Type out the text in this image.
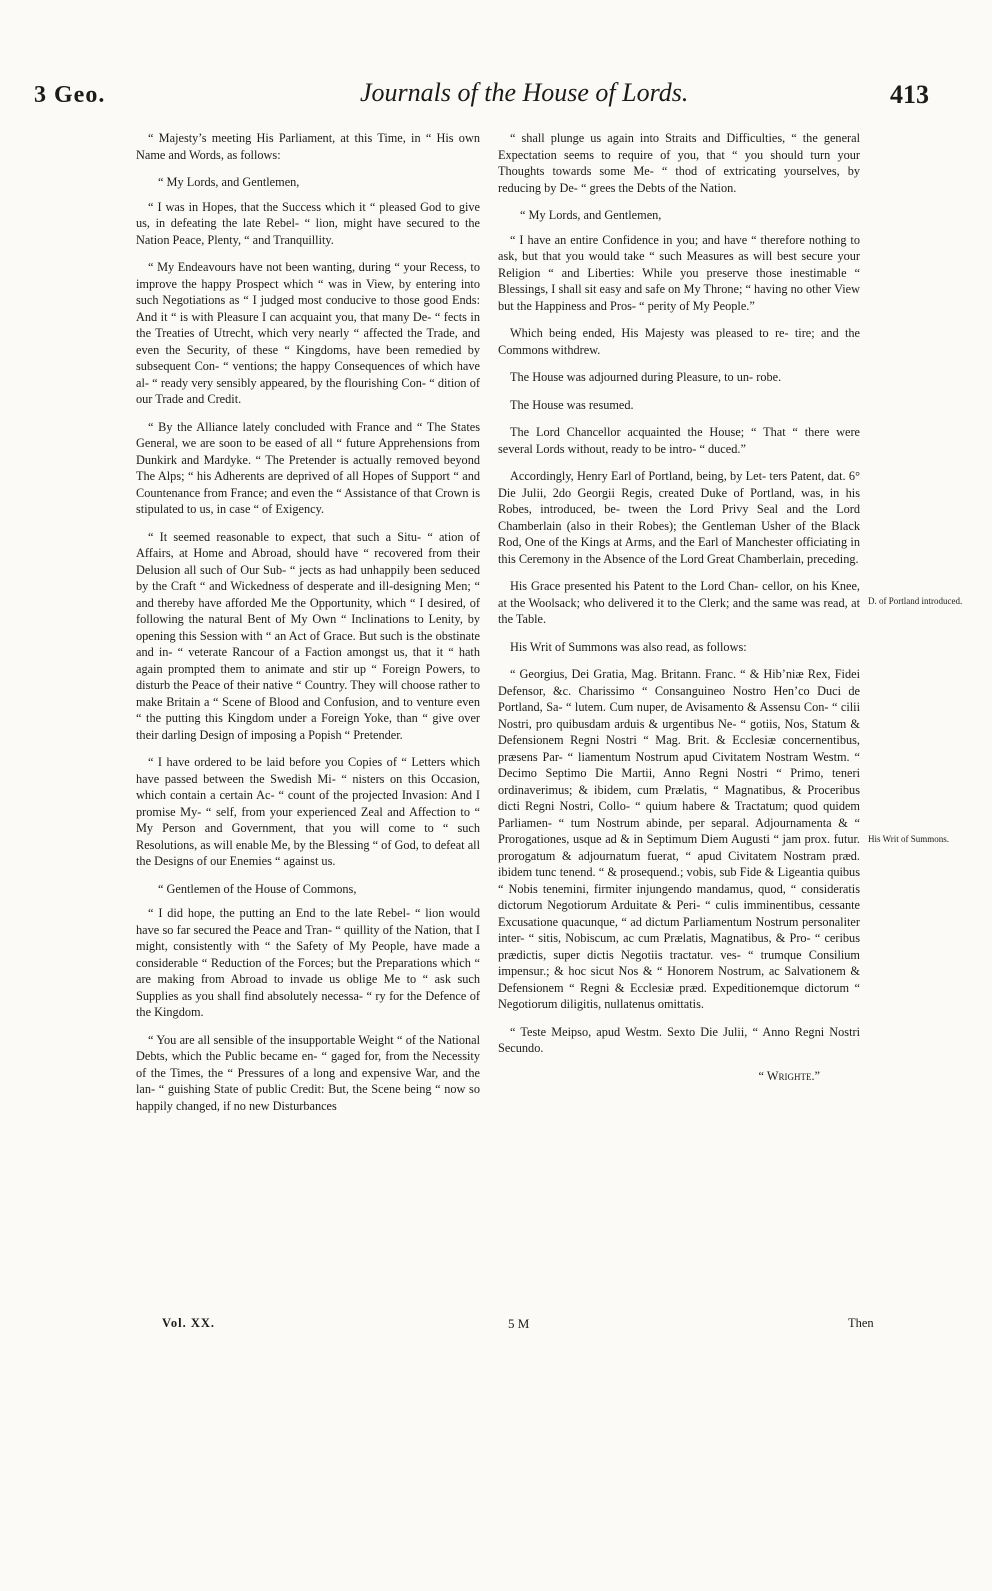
3 Geo.	Journals of the House of Lords.	413

“ Majesty’s meeting His Parliament, at this Time, in “ His own Name and Words, as follows:

“ My Lords, and Gentlemen,

“ I was in Hopes, that the Success which it “ pleased God to give us, in defeating the late Rebel- “ lion, might have secured to the Nation Peace, Plenty, “ and Tranquillity.

“ My Endeavours have not been wanting, during “ your Recess, to improve the happy Prospect which “ was in View, by entering into such Negotiations as “ I judged most conducive to those good Ends: And it “ is with Pleasure I can acquaint you, that many De- “ fects in the Treaties of Utrecht, which very nearly “ affected the Trade, and even the Security, of these “ Kingdoms, have been remedied by subsequent Con- “ ventions; the happy Consequences of which have al- “ ready very sensibly appeared, by the flourishing Con- “ dition of our Trade and Credit.

“ By the Alliance lately concluded with France and “ The States General, we are soon to be eased of all “ future Apprehensions from Dunkirk and Mardyke. “ The Pretender is actually removed beyond The Alps; “ his Adherents are deprived of all Hopes of Support “ and Countenance from France; and even the “ Assistance of that Crown is stipulated to us, in case “ of Exigency.

“ It seemed reasonable to expect, that such a Situ- “ ation of Affairs, at Home and Abroad, should have “ recovered from their Delusion all such of Our Sub- “ jects as had unhappily been seduced by the Craft “ and Wickedness of desperate and ill-designing Men; “ and thereby have afforded Me the Opportunity, which “ I desired, of following the natural Bent of My Own “ Inclinations to Lenity, by opening this Session with “ an Act of Grace. But such is the obstinate and in- “ veterate Rancour of a Faction amongst us, that it “ hath again prompted them to animate and stir up “ Foreign Powers, to disturb the Peace of their native “ Country. They will choose rather to make Britain a “ Scene of Blood and Confusion, and to venture even “ the putting this Kingdom under a Foreign Yoke, than “ give over their darling Design of imposing a Popish “ Pretender.

“ I have ordered to be laid before you Copies of “ Letters which have passed between the Swedish Mi- “ nisters on this Occasion, which contain a certain Ac- “ count of the projected Invasion: And I promise My- “ self, from your experienced Zeal and Affection to “ My Person and Government, that you will come to “ such Resolutions, as will enable Me, by the Blessing “ of God, to defeat all the Designs of our Enemies “ against us.

“ Gentlemen of the House of Commons,

“ I did hope, the putting an End to the late Rebel- “ lion would have so far secured the Peace and Tran- “ quillity of the Nation, that I might, consistently with “ the Safety of My People, have made a considerable “ Reduction of the Forces; but the Preparations which “ are making from Abroad to invade us oblige Me to “ ask such Supplies as you shall find absolutely necessa- “ ry for the Defence of the Kingdom.

“ You are all sensible of the insupportable Weight “ of the National Debts, which the Public became en- “ gaged for, from the Necessity of the Times, the “ Pressures of a long and expensive War, and the lan- “ guishing State of public Credit: But, the Scene being “ now so happily changed, if no new Disturbances

“ shall plunge us again into Straits and Difficulties, “ the general Expectation seems to require of you, that “ you should turn your Thoughts towards some Me- “ thod of extricating yourselves, by reducing by De- “ grees the Debts of the Nation.

“ My Lords, and Gentlemen,

“ I have an entire Confidence in you; and have “ therefore nothing to ask, but that you would take “ such Measures as will best secure your Religion “ and Liberties: While you preserve those inestimable “ Blessings, I shall sit easy and safe on My Throne; “ having no other View but the Happiness and Pros- “ perity of My People.”

Which being ended, His Majesty was pleased to re- tire; and the Commons withdrew.

The House was adjourned during Pleasure, to un- robe.

The House was resumed.

The Lord Chancellor acquainted the House; “ That “ there were several Lords without, ready to be intro- “ duced.”

Accordingly, Henry Earl of Portland, being, by Let- ters Patent, dat. 6° Die Julii, 2do Georgii Regis, created Duke of Portland, was, in his Robes, introduced, be- tween the Lord Privy Seal and the Lord Chamberlain (also in their Robes); the Gentleman Usher of the Black Rod, One of the Kings at Arms, and the Earl of Manchester officiating in this Ceremony in the Absence of the Lord Great Chamberlain, preceding.

His Grace presented his Patent to the Lord Chan- cellor, on his Knee, at the Woolsack; who delivered it to the Clerk; and the same was read, at the Table.

His Writ of Summons was also read, as follows:

“ Georgius, Dei Gratia, Mag. Britann. Franc. “ & Hib’niæ Rex, Fidei Defensor, &c. Charissimo “ Consanguineo Nostro Hen’co Duci de Portland, Sa- “ lutem. Cum nuper, de Avisamento & Assensu Con- “ cilii Nostri, pro quibusdam arduis & urgentibus Ne- “ gotiis, Nos, Statum & Defensionem Regni Nostri “ Mag. Brit. & Ecclesiæ concernentibus, præsens Par- “ liamentum Nostrum apud Civitatem Nostram Westm. “ Decimo Septimo Die Martii, Anno Regni Nostri “ Primo, teneri ordinaverimus; & ibidem, cum Prælatis, “ Magnatibus, & Proceribus dicti Regni Nostri, Collo- “ quium habere & Tractatum; quod quidem Parliamen- “ tum Nostrum abinde, per separal. Adjournamenta & “ Prorogationes, usque ad & in Septimum Diem Augusti “ jam prox. futur. prorogatum & adjournatum fuerat, “ apud Civitatem Nostram præd. ibidem tunc tenend. “ & prosequend.; vobis, sub Fide & Ligeantia quibus “ Nobis tenemini, firmiter injungendo mandamus, quod, “ consideratis dictorum Negotiorum Arduitate & Peri- “ culis imminentibus, cessante Excusatione quacunque, “ ad dictum Parliamentum Nostrum personaliter inter- “ sitis, Nobiscum, ac cum Prælatis, Magnatibus, & Pro- “ ceribus prædictis, super dictis Negotiis tractatur. ves- “ trumque Consilium impensur.; & hoc sicut Nos & “ Honorem Nostrum, ac Salvationem & Defensionem “ Regni & Ecclesiæ præd. Expeditionemque dictorum “ Negotiorum diligitis, nullatenus omittatis.

“ Teste Meipso, apud Westm. Sexto Die Julii, “ Anno Regni Nostri Secundo.

“ Wrighte.”

D. of Portland introduced.
His Writ of Summons.
Vol. XX.	5 M	Then
